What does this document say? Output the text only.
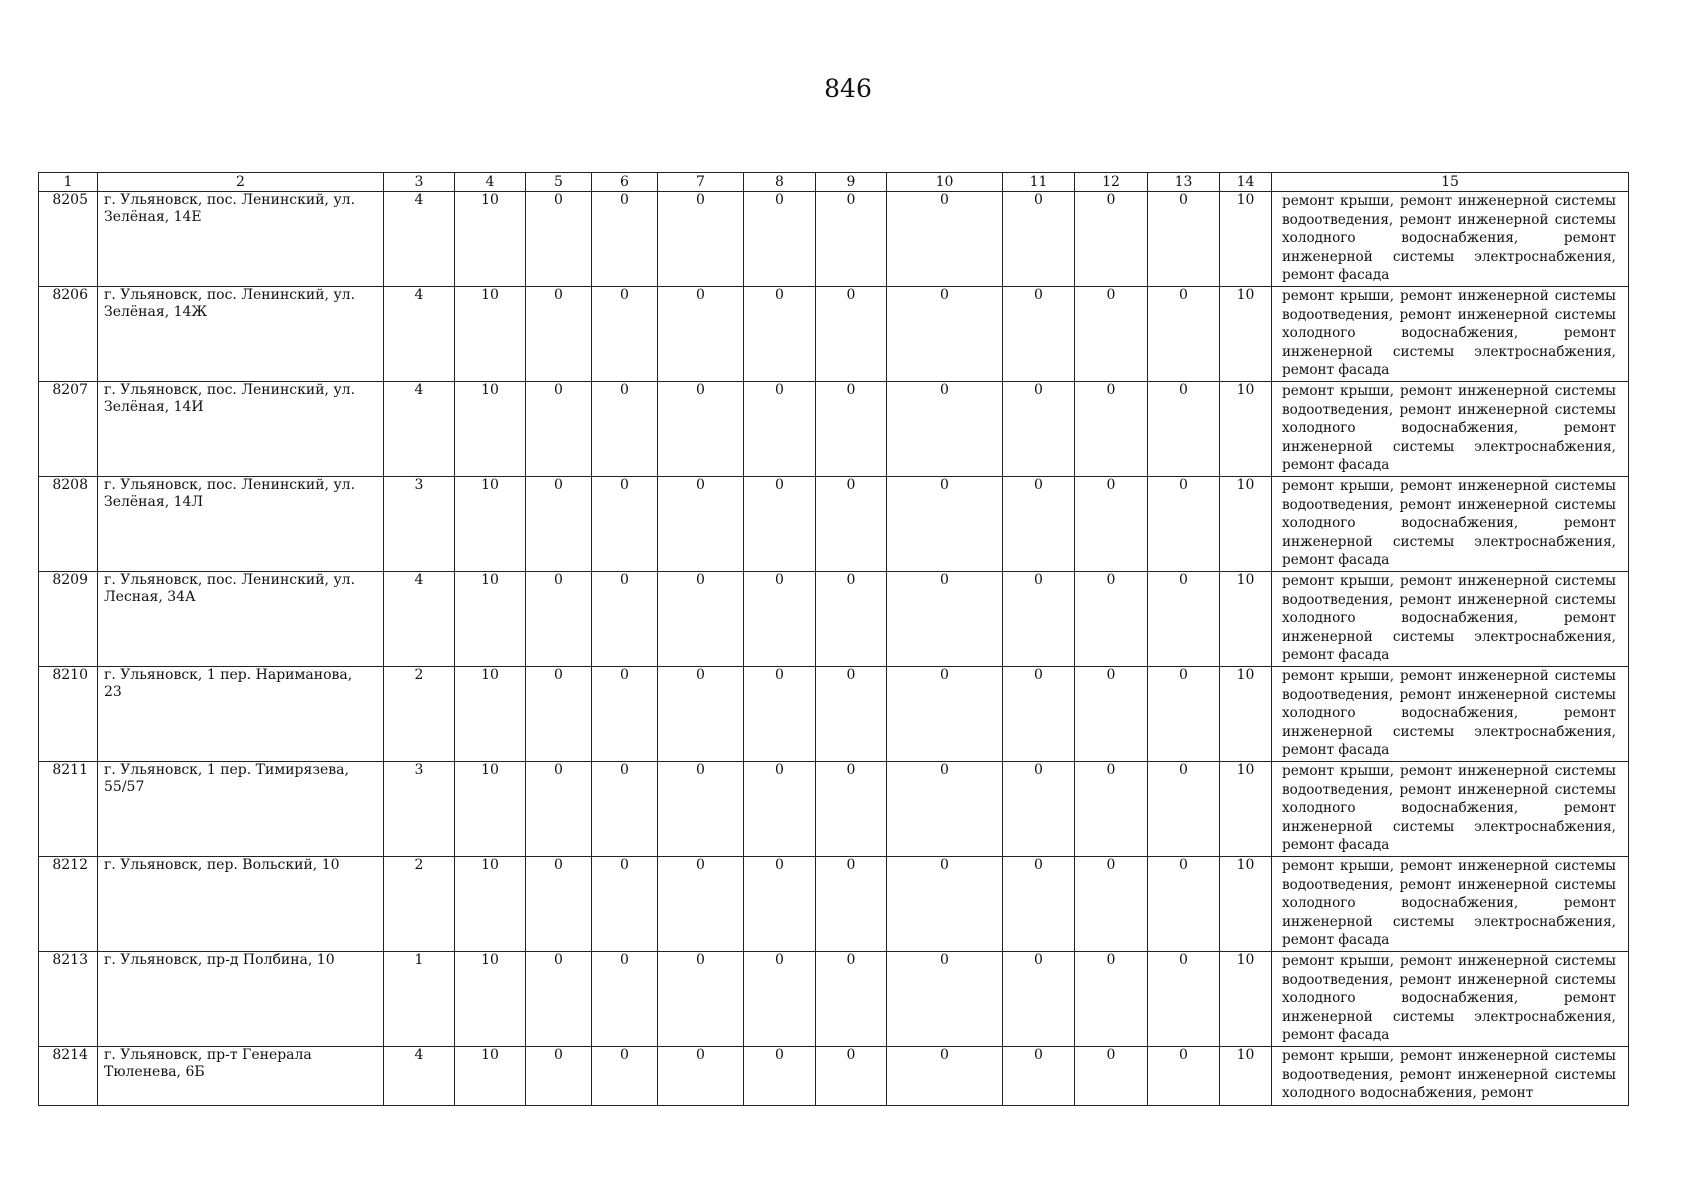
846
1	2	3	4	5	6	7	8	9	10	11	12	13	14	15
8205	г. Ульяновск, пос. Ленинский, ул. Зелёная, 14Е	4	10	0	0	0	0	0	0	0	0	0	10	ремонт крыши, ремонт инженерной системы водоотведения, ремонт инженерной системы холодного водоснабжения, ремонт инженерной системы электроснабжения, ремонт фасада
8206	г. Ульяновск, пос. Ленинский, ул. Зелёная, 14Ж	4	10	0	0	0	0	0	0	0	0	0	10	ремонт крыши, ремонт инженерной системы водоотведения, ремонт инженерной системы холодного водоснабжения, ремонт инженерной системы электроснабжения, ремонт фасада
8207	г. Ульяновск, пос. Ленинский, ул. Зелёная, 14И	4	10	0	0	0	0	0	0	0	0	0	10	ремонт крыши, ремонт инженерной системы водоотведения, ремонт инженерной системы холодного водоснабжения, ремонт инженерной системы электроснабжения, ремонт фасада
8208	г. Ульяновск, пос. Ленинский, ул. Зелёная, 14Л	3	10	0	0	0	0	0	0	0	0	0	10	ремонт крыши, ремонт инженерной системы водоотведения, ремонт инженерной системы холодного водоснабжения, ремонт инженерной системы электроснабжения, ремонт фасада
8209	г. Ульяновск, пос. Ленинский, ул. Лесная, 34А	4	10	0	0	0	0	0	0	0	0	0	10	ремонт крыши, ремонт инженерной системы водоотведения, ремонт инженерной системы холодного водоснабжения, ремонт инженерной системы электроснабжения, ремонт фасада
8210	г. Ульяновск, 1 пер. Нариманова, 23	2	10	0	0	0	0	0	0	0	0	0	10	ремонт крыши, ремонт инженерной системы водоотведения, ремонт инженерной системы холодного водоснабжения, ремонт инженерной системы электроснабжения, ремонт фасада
8211	г. Ульяновск, 1 пер. Тимирязева, 55/57	3	10	0	0	0	0	0	0	0	0	0	10	ремонт крыши, ремонт инженерной системы водоотведения, ремонт инженерной системы холодного водоснабжения, ремонт инженерной системы электроснабжения, ремонт фасада
8212	г. Ульяновск, пер. Вольский, 10	2	10	0	0	0	0	0	0	0	0	0	10	ремонт крыши, ремонт инженерной системы водоотведения, ремонт инженерной системы холодного водоснабжения, ремонт инженерной системы электроснабжения, ремонт фасада
8213	г. Ульяновск, пр-д Полбина, 10	1	10	0	0	0	0	0	0	0	0	0	10	ремонт крыши, ремонт инженерной системы водоотведения, ремонт инженерной системы холодного водоснабжения, ремонт инженерной системы электроснабжения, ремонт фасада
8214	г. Ульяновск, пр-т Генерала Тюленева, 6Б	4	10	0	0	0	0	0	0	0	0	0	10	ремонт крыши, ремонт инженерной системы водоотведения, ремонт инженерной системы холодного водоснабжения, ремонт
